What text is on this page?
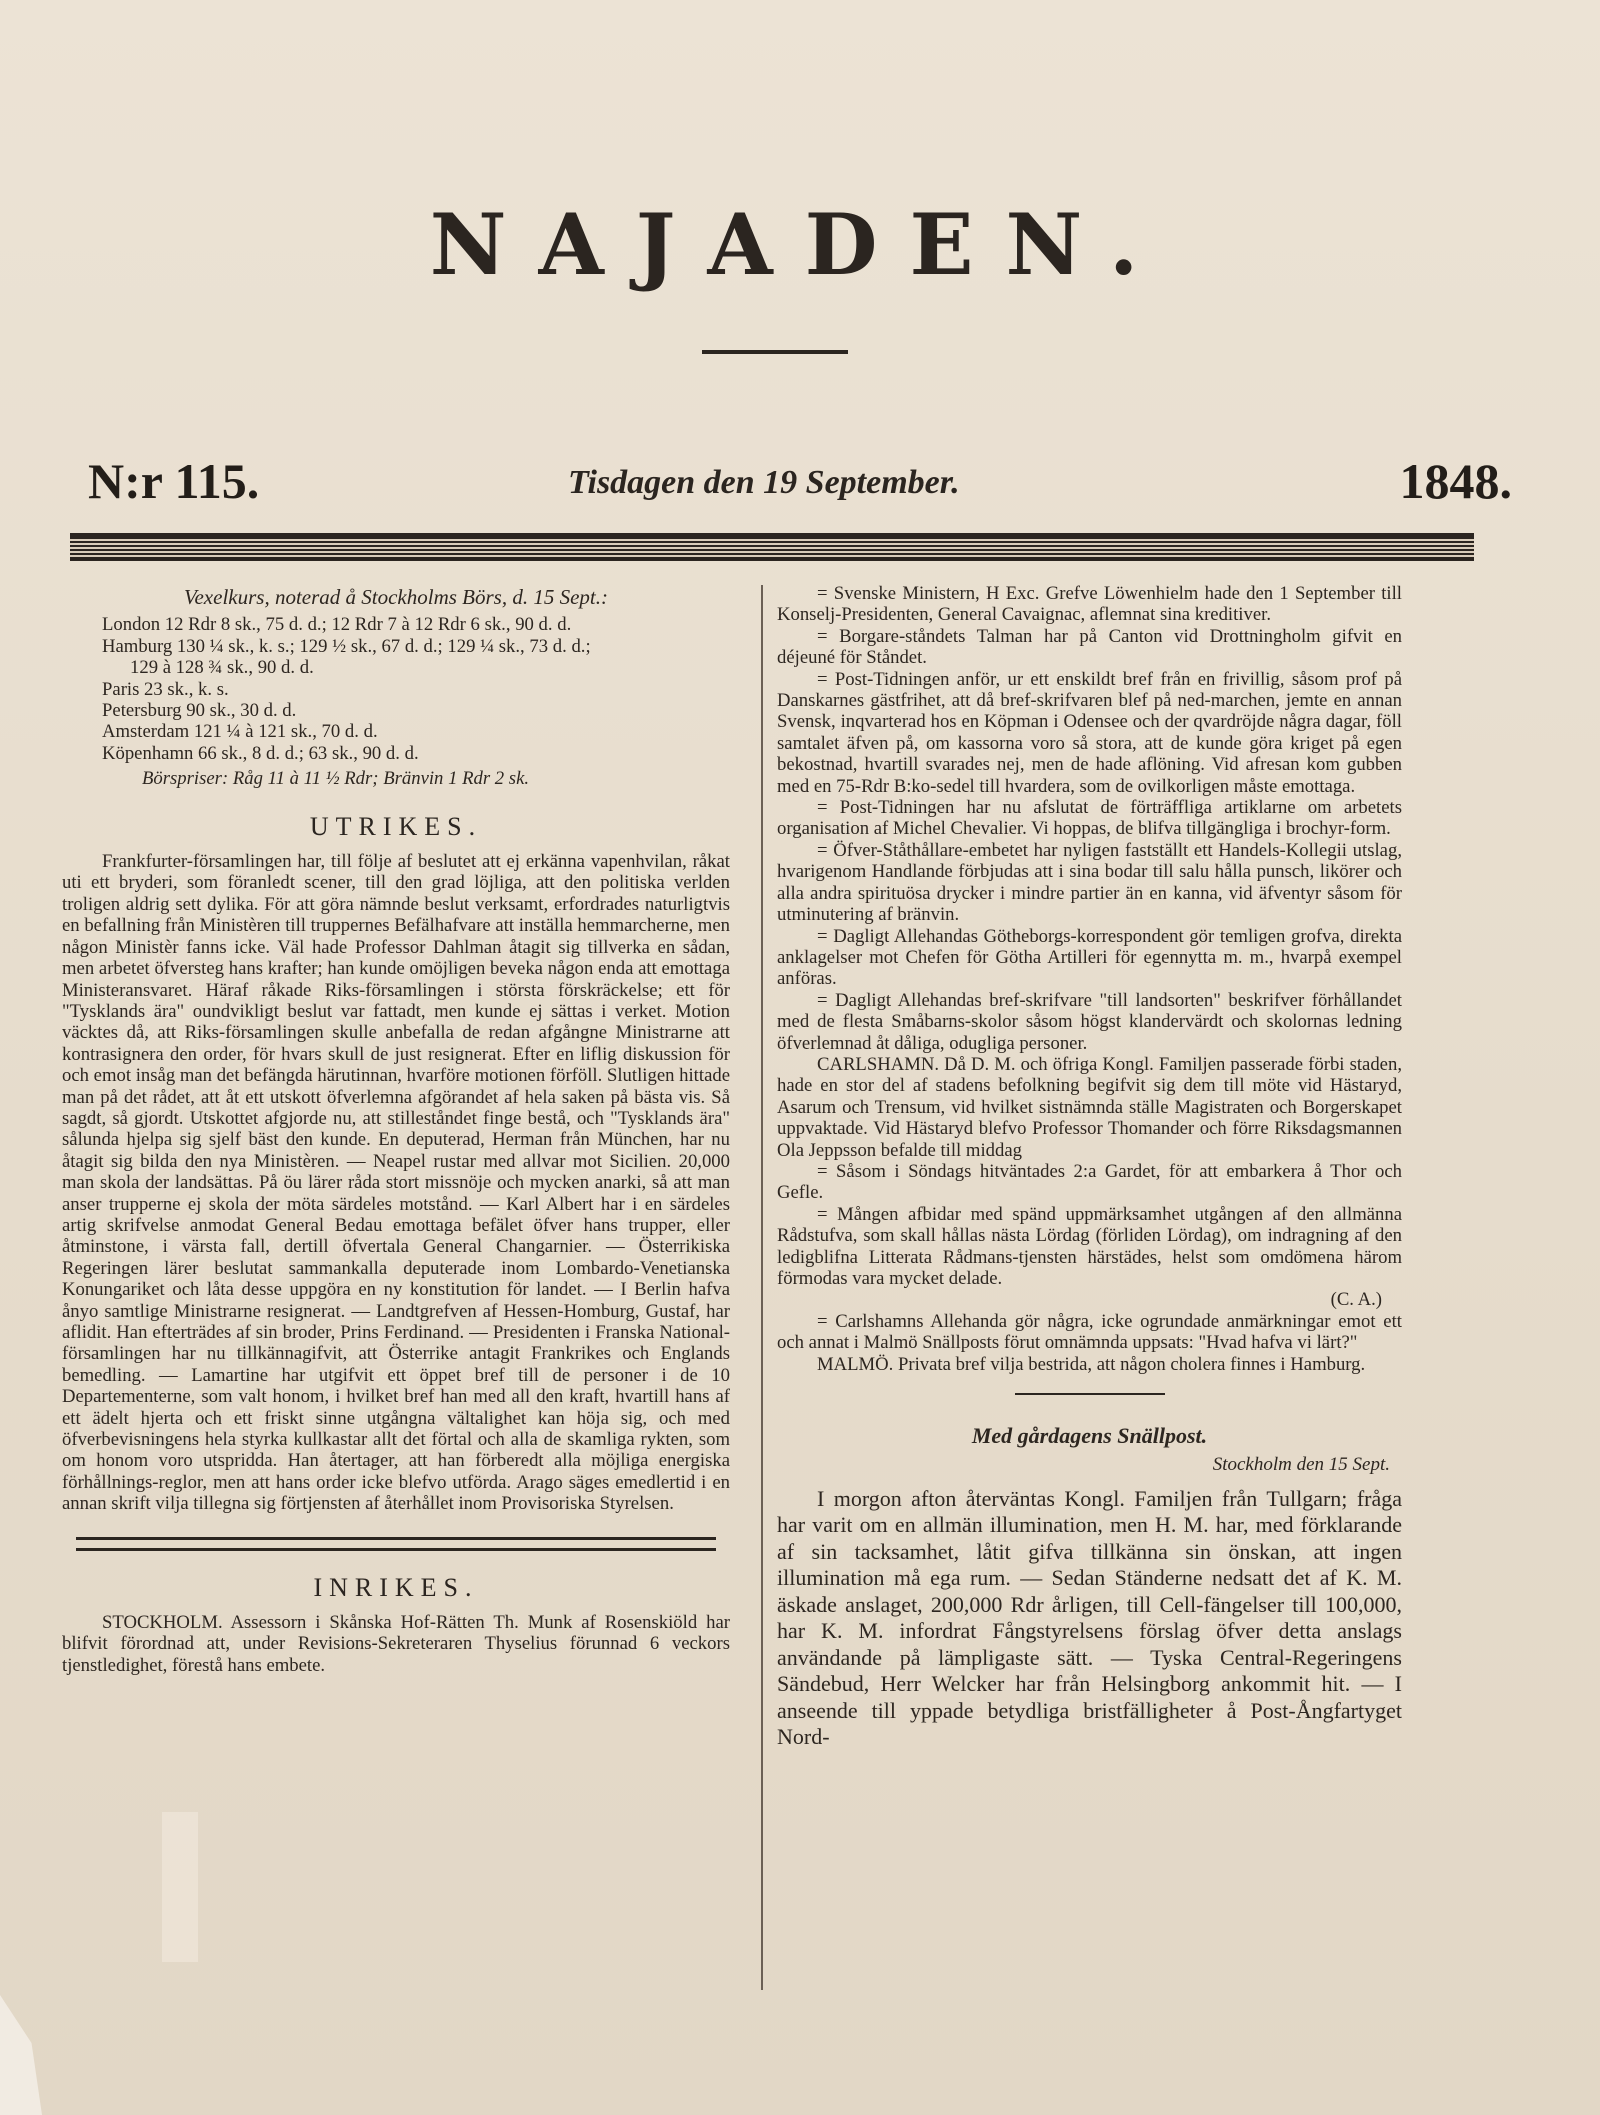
NAJADEN.
N:r 115.	Tisdagen den 19 September.	1848.
Vexelkurs, noterad å Stockholms Börs, d. 15 Sept.:

London 12 Rdr 8 sk., 75 d. d.; 12 Rdr 7 à 12 Rdr 6 sk., 90 d. d.

Hamburg 130 ¼ sk., k. s.; 129 ½ sk., 67 d. d.; 129 ¼ sk., 73 d. d.;

129 à 128 ¾ sk., 90 d. d.

Paris 23 sk., k. s.

Petersburg 90 sk., 30 d. d.

Amsterdam 121 ¼ à 121 sk., 70 d. d.

Köpenhamn 66 sk., 8 d. d.; 63 sk., 90 d. d.

Börspriser: Råg 11 à 11 ½ Rdr; Bränvin 1 Rdr 2 sk.

UTRIKES.

Frankfurter-församlingen har, till följe af beslutet att ej erkänna vapenhvilan, råkat uti ett bryderi, som föranledt scener, till den grad löjliga, att den politiska verlden troligen aldrig sett dylika. För att göra nämnde beslut verksamt, erfordrades naturligtvis en befallning från Ministèren till truppernes Befälhafvare att inställa hemmarcherne, men någon Ministèr fanns icke. Väl hade Professor Dahlman åtagit sig tillverka en sådan, men arbetet öfversteg hans krafter; han kunde omöjligen beveka någon enda att emottaga Ministeransvaret. Häraf råkade Riks-församlingen i största förskräckelse; ett för "Tysklands ära" oundvikligt beslut var fattadt, men kunde ej sättas i verket. Motion väcktes då, att Riks-församlingen skulle anbefalla de redan afgångne Ministrarne att kontrasignera den order, för hvars skull de just resignerat. Efter en liflig diskussion för och emot insåg man det befängda härutinnan, hvarföre motionen förföll. Slutligen hittade man på det rådet, att åt ett utskott öfverlemna afgörandet af hela saken på bästa vis. Så sagdt, så gjordt. Utskottet afgjorde nu, att stilleståndet finge bestå, och "Tysklands ära" sålunda hjelpa sig sjelf bäst den kunde. En deputerad, Herman från München, har nu åtagit sig bilda den nya Ministèren. — Neapel rustar med allvar mot Sicilien. 20,000 man skola der landsättas. På öu lärer råda stort missnöje och mycken anarki, så att man anser trupperne ej skola der möta särdeles motstånd. — Karl Albert har i en särdeles artig skrifvelse anmodat General Bedau emottaga befälet öfver hans trupper, eller åtminstone, i värsta fall, dertill öfvertala General Changarnier. — Österrikiska Regeringen lärer beslutat sammankalla deputerade inom Lombardo-Venetianska Konungariket och låta desse uppgöra en ny konstitution för landet. — I Berlin hafva ånyo samtlige Ministrarne resignerat. — Landtgrefven af Hessen-Homburg, Gustaf, har aflidit. Han efterträdes af sin broder, Prins Ferdinand. — Presidenten i Franska National-församlingen har nu tillkännagifvit, att Österrike antagit Frankrikes och Englands bemedling. — Lamartine har utgifvit ett öppet bref till de personer i de 10 Departementerne, som valt honom, i hvilket bref han med all den kraft, hvartill hans af ett ädelt hjerta och ett friskt sinne utgångna vältalighet kan höja sig, och med öfverbevisningens hela styrka kullkastar allt det förtal och alla de skamliga rykten, som om honom voro utspridda. Han återtager, att han förberedt alla möjliga energiska förhållnings-reglor, men att hans order icke blefvo utförda. Arago säges emedlertid i en annan skrift vilja tillegna sig förtjensten af återhållet inom Provisoriska Styrelsen.

INRIKES.

STOCKHOLM. Assessorn i Skånska Hof-Rätten Th. Munk af Rosenskiöld har blifvit förordnad att, under Revisions-Sekreteraren Thyselius förunnad 6 veckors tjenstledighet, förestå hans embete.

= Svenske Ministern, H Exc. Grefve Löwenhielm hade den 1 September till Konselj-Presidenten, General Cavaignac, aflemnat sina kreditiver.

= Borgare-ståndets Talman har på Canton vid Drottningholm gifvit en déjeuné för Ståndet.

= Post-Tidningen anför, ur ett enskildt bref från en frivillig, såsom prof på Danskarnes gästfrihet, att då bref-skrifvaren blef på ned-marchen, jemte en annan Svensk, inqvarterad hos en Köpman i Odensee och der qvardröjde några dagar, föll samtalet äfven på, om kassorna voro så stora, att de kunde göra kriget på egen bekostnad, hvartill svarades nej, men de hade aflöning. Vid afresan kom gubben med en 75-Rdr B:ko-sedel till hvardera, som de ovilkorligen måste emottaga.

= Post-Tidningen har nu afslutat de förträffliga artiklarne om arbetets organisation af Michel Chevalier. Vi hoppas, de blifva tillgängliga i brochyr-form.

= Öfver-Ståthållare-embetet har nyligen fastställt ett Handels-Kollegii utslag, hvarigenom Handlande förbjudas att i sina bodar till salu hålla punsch, likörer och alla andra spirituösa drycker i mindre partier än en kanna, vid äfventyr såsom för utminutering af bränvin.

= Dagligt Allehandas Götheborgs-korrespondent gör temligen grofva, direkta anklagelser mot Chefen för Götha Artilleri för egennytta m. m., hvarpå exempel anföras.

= Dagligt Allehandas bref-skrifvare "till landsorten" beskrifver förhållandet med de flesta Småbarns-skolor såsom högst klandervärdt och skolornas ledning öfverlemnad åt dåliga, odugliga personer.

CARLSHAMN. Då D. M. och öfriga Kongl. Familjen passerade förbi staden, hade en stor del af stadens befolkning begifvit sig dem till möte vid Hästaryd, Asarum och Trensum, vid hvilket sistnämnda ställe Magistraten och Borgerskapet uppvaktade. Vid Hästaryd blefvo Professor Thomander och förre Riksdagsmannen Ola Jeppsson befalde till middag

= Såsom i Söndags hitväntades 2:a Gardet, för att embarkera å Thor och Gefle.

= Mången afbidar med spänd uppmärksamhet utgången af den allmänna Rådstufva, som skall hållas nästa Lördag (förliden Lördag), om indragning af den ledigblifna Litterata Rådmans-tjensten härstädes, helst som omdömena härom förmodas vara mycket delade.

(C. A.)

= Carlshamns Allehanda gör några, icke ogrundade anmärkningar emot ett och annat i Malmö Snällposts förut omnämnda uppsats: "Hvad hafva vi lärt?"

MALMÖ. Privata bref vilja bestrida, att någon cholera finnes i Hamburg.

Med gårdagens Snällpost.
Stockholm den 15 Sept.

I morgon afton återväntas Kongl. Familjen från Tullgarn; fråga har varit om en allmän illumination, men H. M. har, med förklarande af sin tacksamhet, låtit gifva tillkänna sin önskan, att ingen illumination må ega rum. — Sedan Ständerne nedsatt det af K. M. äskade anslaget, 200,000 Rdr årligen, till Cell-fängelser till 100,000, har K. M. infordrat Fångstyrelsens förslag öfver detta anslags användande på lämpligaste sätt. — Tyska Central-Regeringens Sändebud, Herr Welcker har från Helsingborg ankommit hit. — I anseende till yppade betydliga bristfälligheter å Post-Ångfartyget Nord-
